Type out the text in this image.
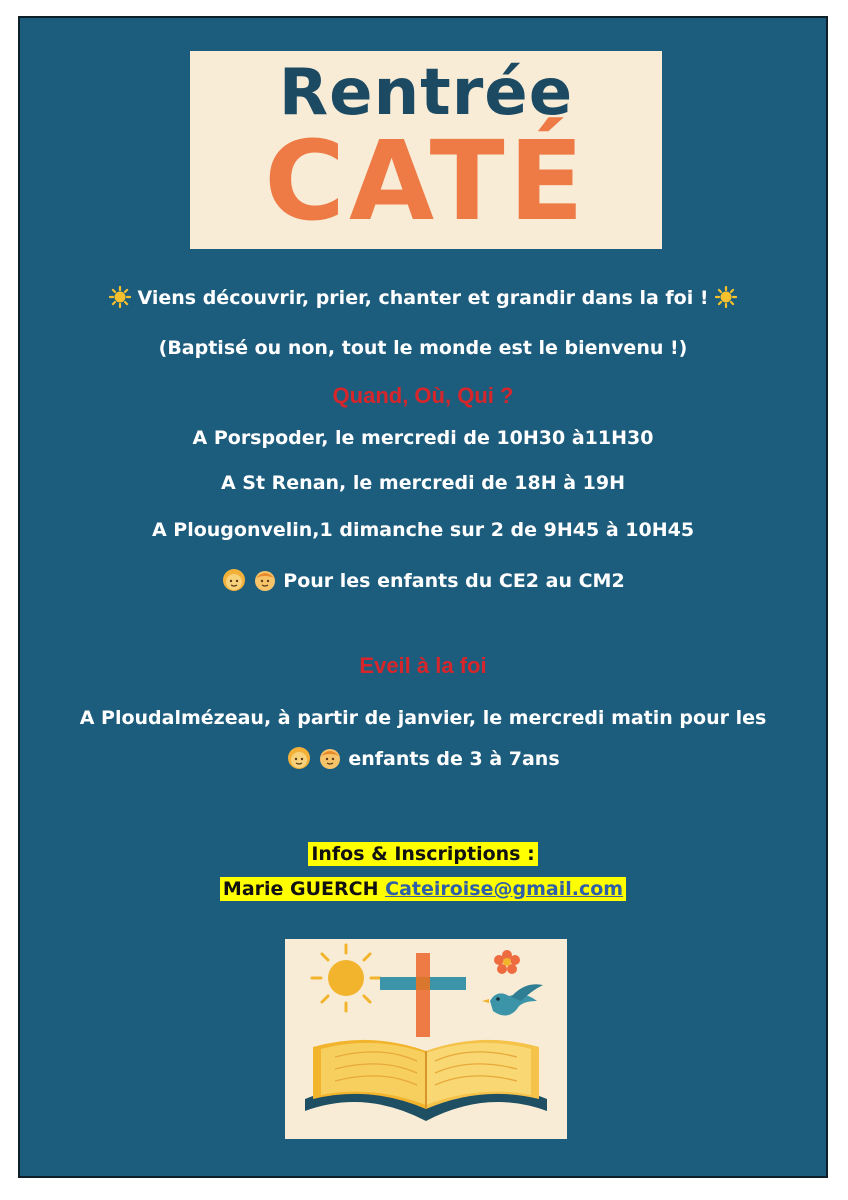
Rentrée
CATÉ
Viens découvrir, prier, chanter et grandir dans la foi !
(Baptisé ou non, tout le monde est le bienvenu !)
Quand, Où, Qui ?
A Porspoder, le mercredi de 10H30 à11H30
A St Renan, le mercredi de 18H à 19H
A Plougonvelin,1 dimanche sur 2 de 9H45 à 10H45
Pour les enfants du CE2 au CM2
Eveil à la foi
A Ploudalmézeau, à partir de janvier, le mercredi matin pour les
enfants de 3 à 7ans
Infos & Inscriptions :
Marie GUERCH Cateiroise@gmail.com
